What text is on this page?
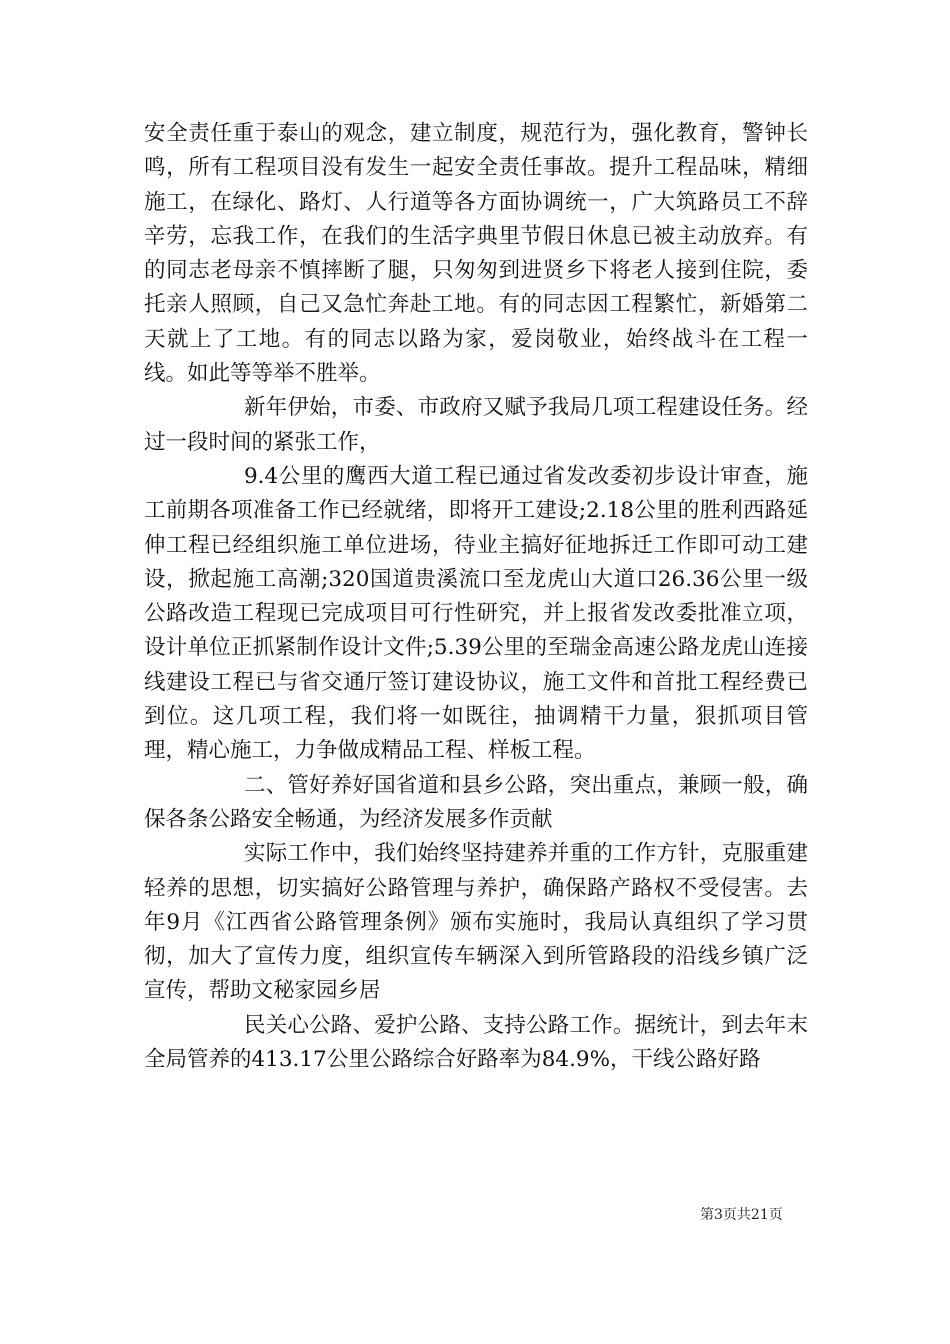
安全责任重于泰山的观念，建立制度，规范行为，强化教育，警钟长鸣，所有工程项目没有发生一起安全责任事故。提升工程品味，精细施工，在绿化、路灯、人行道等各方面协调统一，广大筑路员工不辞辛劳，忘我工作，在我们的生活字典里节假日休息已被主动放弃。有的同志老母亲不慎摔断了腿，只匆匆到进贤乡下将老人接到住院，委托亲人照顾，自己又急忙奔赴工地。有的同志因工程繁忙，新婚第二天就上了工地。有的同志以路为家，爱岗敬业，始终战斗在工程一线。如此等等举不胜举。

新年伊始，市委、市政府又赋予我局几项工程建设任务。经过一段时间的紧张工作，

9.4公里的鹰西大道工程已通过省发改委初步设计审查，施工前期各项准备工作已经就绪，即将开工建设;2.18公里的胜利西路延伸工程已经组织施工单位进场，待业主搞好征地拆迁工作即可动工建设，掀起施工高潮;320国道贵溪流口至龙虎山大道口26.36公里一级公路改造工程现已完成项目可行性研究，并上报省发改委批准立项，设计单位正抓紧制作设计文件;5.39公里的至瑞金高速公路龙虎山连接线建设工程已与省交通厅签订建设协议，施工文件和首批工程经费已到位。这几项工程，我们将一如既往，抽调精干力量，狠抓项目管理，精心施工，力争做成精品工程、样板工程。

二、管好养好国省道和县乡公路，突出重点，兼顾一般，确保各条公路安全畅通，为经济发展多作贡献

实际工作中，我们始终坚持建养并重的工作方针，克服重建轻养的思想，切实搞好公路管理与养护，确保路产路权不受侵害。去年9月《江西省公路管理条例》颁布实施时，我局认真组织了学习贯彻，加大了宣传力度，组织宣传车辆深入到所管路段的沿线乡镇广泛宣传，帮助文秘家园乡居

民关心公路、爱护公路、支持公路工作。据统计，到去年末全局管养的413.17公里公路综合好路率为84.9%，干线公路好路

第3页共21页
